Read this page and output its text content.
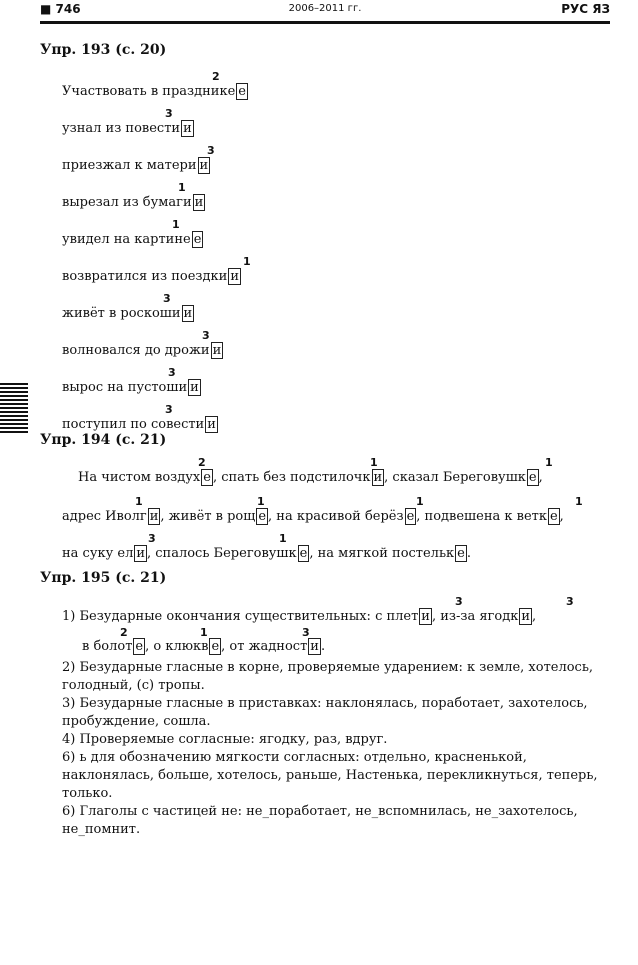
■ 746	2006–2011 гг.	РУС ЯЗ
Упр. 193 (с. 20)
Участвовать в празднике е
2
узнал из повести и
3
приезжал к матери и
3
вырезал из бумаги и
1
увидел на картине е
1
возвратился из поездки и
1
живёт в роскоши и
3
волновался до дрожи и
3
вырос на пустоши и
3
поступил по совести и
3
Упр. 194 (с. 21)
На чистом воздух е , спать без подстилочк и , сказал Береговушк е ,
2	1	1
адрес Иволг и , живёт в рощ е , на красивой берёз е , подвешена к ветк е ,
1	1	1	1
на суку ел и , спалось Береговушк е , на мягкой постельк е .
3	1
Упр. 195 (с. 21)
1) Безударные окончания существительных: с плет и , из-за ягодк и ,
3	3
в болот е , о клюкв е , от жадност и .
2	1	3
2) Безударные гласные в корне, проверяемые ударением: к земле, хотелось, голодный, (с) тропы.
3) Безударные гласные в приставках: наклонялась, поработает, захотелось, пробуждение, сошла.
4) Проверяемые согласные: ягодку, раз, вдруг.
6) ь для обозначению мягкости согласных: отдельно, красненькой, наклонялась, больше, хотелось, раньше, Настенька, перекликнуться, теперь, только.
6) Глаголы с частицей не: не_поработает, не_вспомнилась, не_захотелось, не_помнит.
